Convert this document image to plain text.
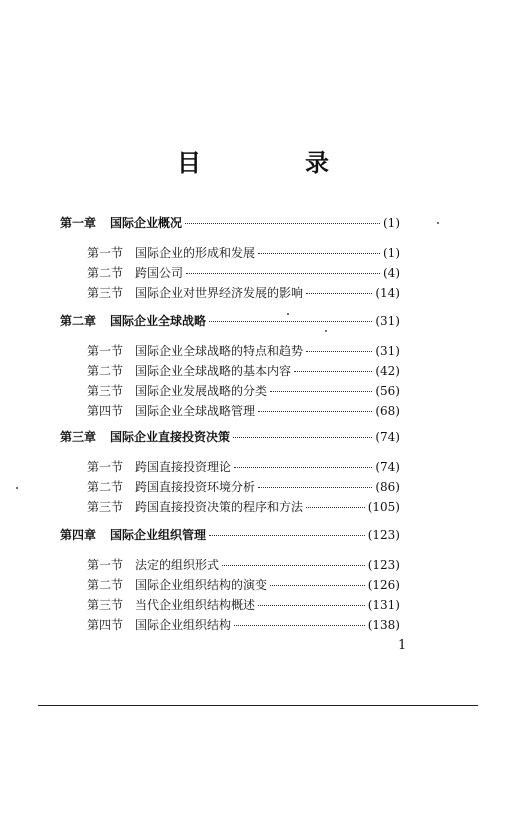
目　录
第一章	国际企业概况	(1)
第一节 国际企业的形成和发展	(1)
第二节 跨国公司	(4)
第三节 国际企业对世界经济发展的影响	(14)
第二章	国际企业全球战略	(31)
第一节 国际企业全球战略的特点和趋势	(31)
第二节 国际企业全球战略的基本内容	(42)
第三节 国际企业发展战略的分类	(56)
第四节 国际企业全球战略管理	(68)
第三章	国际企业直接投资决策	(74)
第一节 跨国直接投资理论	(74)
第二节 跨国直接投资环境分析	(86)
第三节 跨国直接投资决策的程序和方法	(105)
第四章	国际企业组织管理	(123)
第一节 法定的组织形式	(123)
第二节 国际企业组织结构的演变	(126)
第三节 当代企业组织结构概述	(131)
第四节 国际企业组织结构	(138)
1
